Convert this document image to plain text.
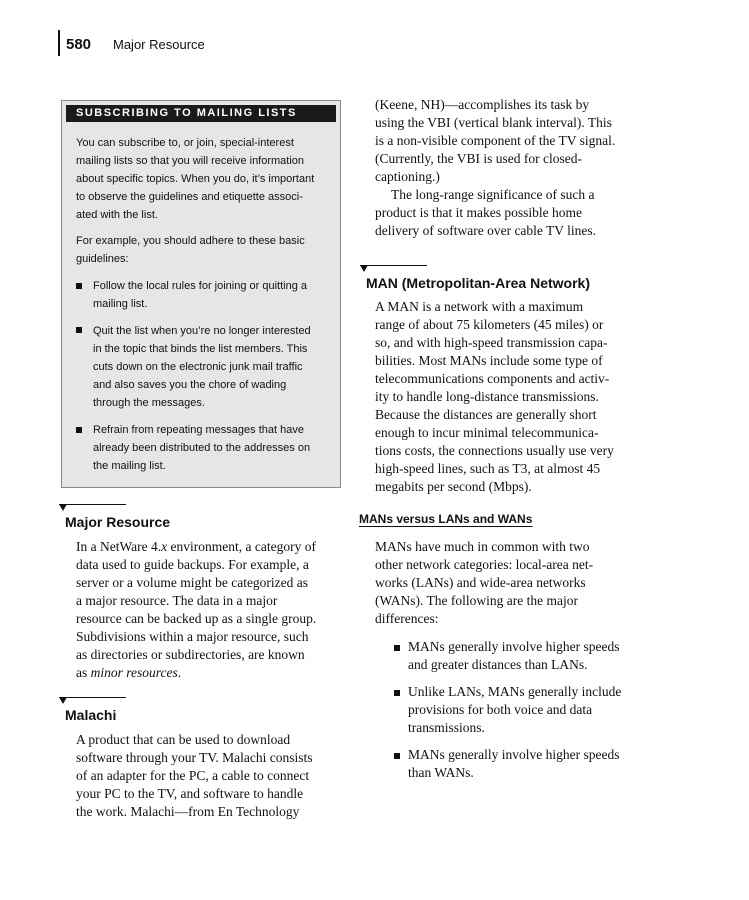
580 Major Resource
SUBSCRIBING TO MAILING LISTS
You can subscribe to, or join, special-interest
mailing lists so that you will receive information
about specific topics. When you do, it’s important
to observe the guidelines and etiquette associ-
ated with the list.
For example, you should adhere to these basic
guidelines:
Follow the local rules for joining or quitting a
mailing list.
Quit the list when you’re no longer interested
in the topic that binds the list members. This
cuts down on the electronic junk mail traffic
and also saves you the chore of wading
through the messages.
Refrain from repeating messages that have
already been distributed to the addresses on
the mailing list.
Major Resource
In a NetWare 4.x environment, a category of
data used to guide backups. For example, a
server or a volume might be categorized as
a major resource. The data in a major
resource can be backed up as a single group.
Subdivisions within a major resource, such
as directories or subdirectories, are known
as minor resources.
Malachi
A product that can be used to download
software through your TV. Malachi consists
of an adapter for the PC, a cable to connect
your PC to the TV, and software to handle
the work. Malachi—from En Technology
(Keene, NH)—accomplishes its task by
using the VBI (vertical blank interval). This
is a non-visible component of the TV signal.
(Currently, the VBI is used for closed-
captioning.)
The long-range significance of such a
product is that it makes possible home
delivery of software over cable TV lines.
MAN (Metropolitan-Area Network)
A MAN is a network with a maximum
range of about 75 kilometers (45 miles) or
so, and with high-speed transmission capa-
bilities. Most MANs include some type of
telecommunications components and activ-
ity to handle long-distance transmissions.
Because the distances are generally short
enough to incur minimal telecommunica-
tions costs, the connections usually use very
high-speed lines, such as T3, at almost 45
megabits per second (Mbps).
MANs versus LANs and WANs
MANs have much in common with two
other network categories: local-area net-
works (LANs) and wide-area networks
(WANs). The following are the major
differences:
MANs generally involve higher speeds
and greater distances than LANs.
Unlike LANs, MANs generally include
provisions for both voice and data
transmissions.
MANs generally involve higher speeds
than WANs.
